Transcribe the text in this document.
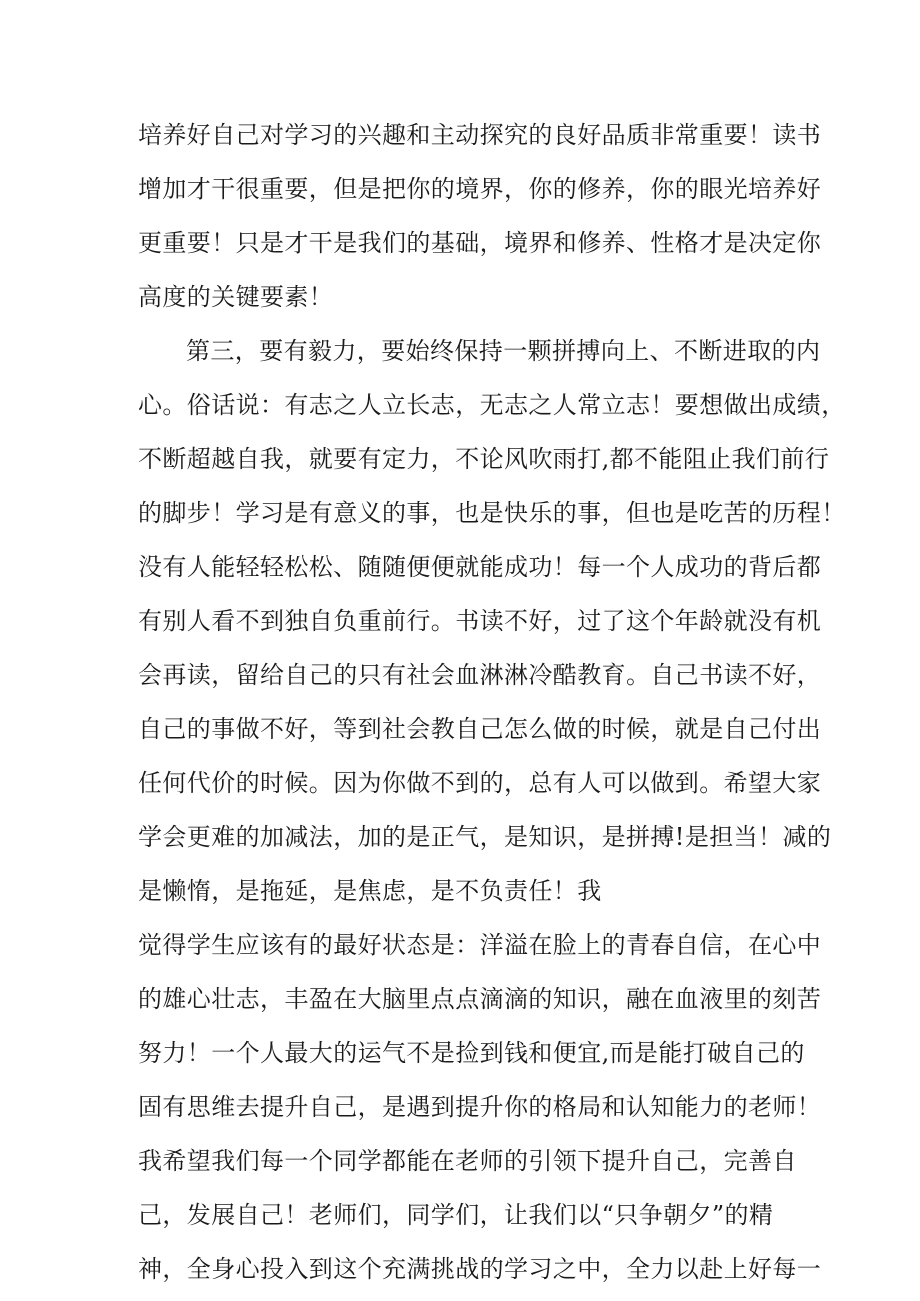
培养好自己对学习的兴趣和主动探究的良好品质非常重要！读书
增加才干很重要，但是把你的境界，你的修养，你的眼光培养好
更重要！只是才干是我们的基础，境界和修养、性格才是决定你
高度的关键要素！
第三，要有毅力，要始终保持一颗拼搏向上、不断进取的内
心。俗话说：有志之人立长志，无志之人常立志！要想做出成绩，
不断超越自我，就要有定力，不论风吹雨打,都不能阻止我们前行
的脚步！学习是有意义的事，也是快乐的事，但也是吃苦的历程！
没有人能轻轻松松、随随便便就能成功！每一个人成功的背后都
有别人看不到独自负重前行。书读不好，过了这个年龄就没有机
会再读，留给自己的只有社会血淋淋冷酷教育。自己书读不好，
自己的事做不好，等到社会教自己怎么做的时候，就是自己付出
任何代价的时候。因为你做不到的，总有人可以做到。希望大家
学会更难的加减法，加的是正气，是知识，是拼搏!是担当！减的
是懒惰，是拖延，是焦虑，是不负责任！我
觉得学生应该有的最好状态是：洋溢在脸上的青春自信，在心中
的雄心壮志，丰盈在大脑里点点滴滴的知识，融在血液里的刻苦
努力！一个人最大的运气不是捡到钱和便宜,而是能打破自己的
固有思维去提升自己，是遇到提升你的格局和认知能力的老师！
我希望我们每一个同学都能在老师的引领下提升自己，完善自
己，发展自己！老师们，同学们，让我们以“只争朝夕”的精
神，全身心投入到这个充满挑战的学习之中，全力以赴上好每一
